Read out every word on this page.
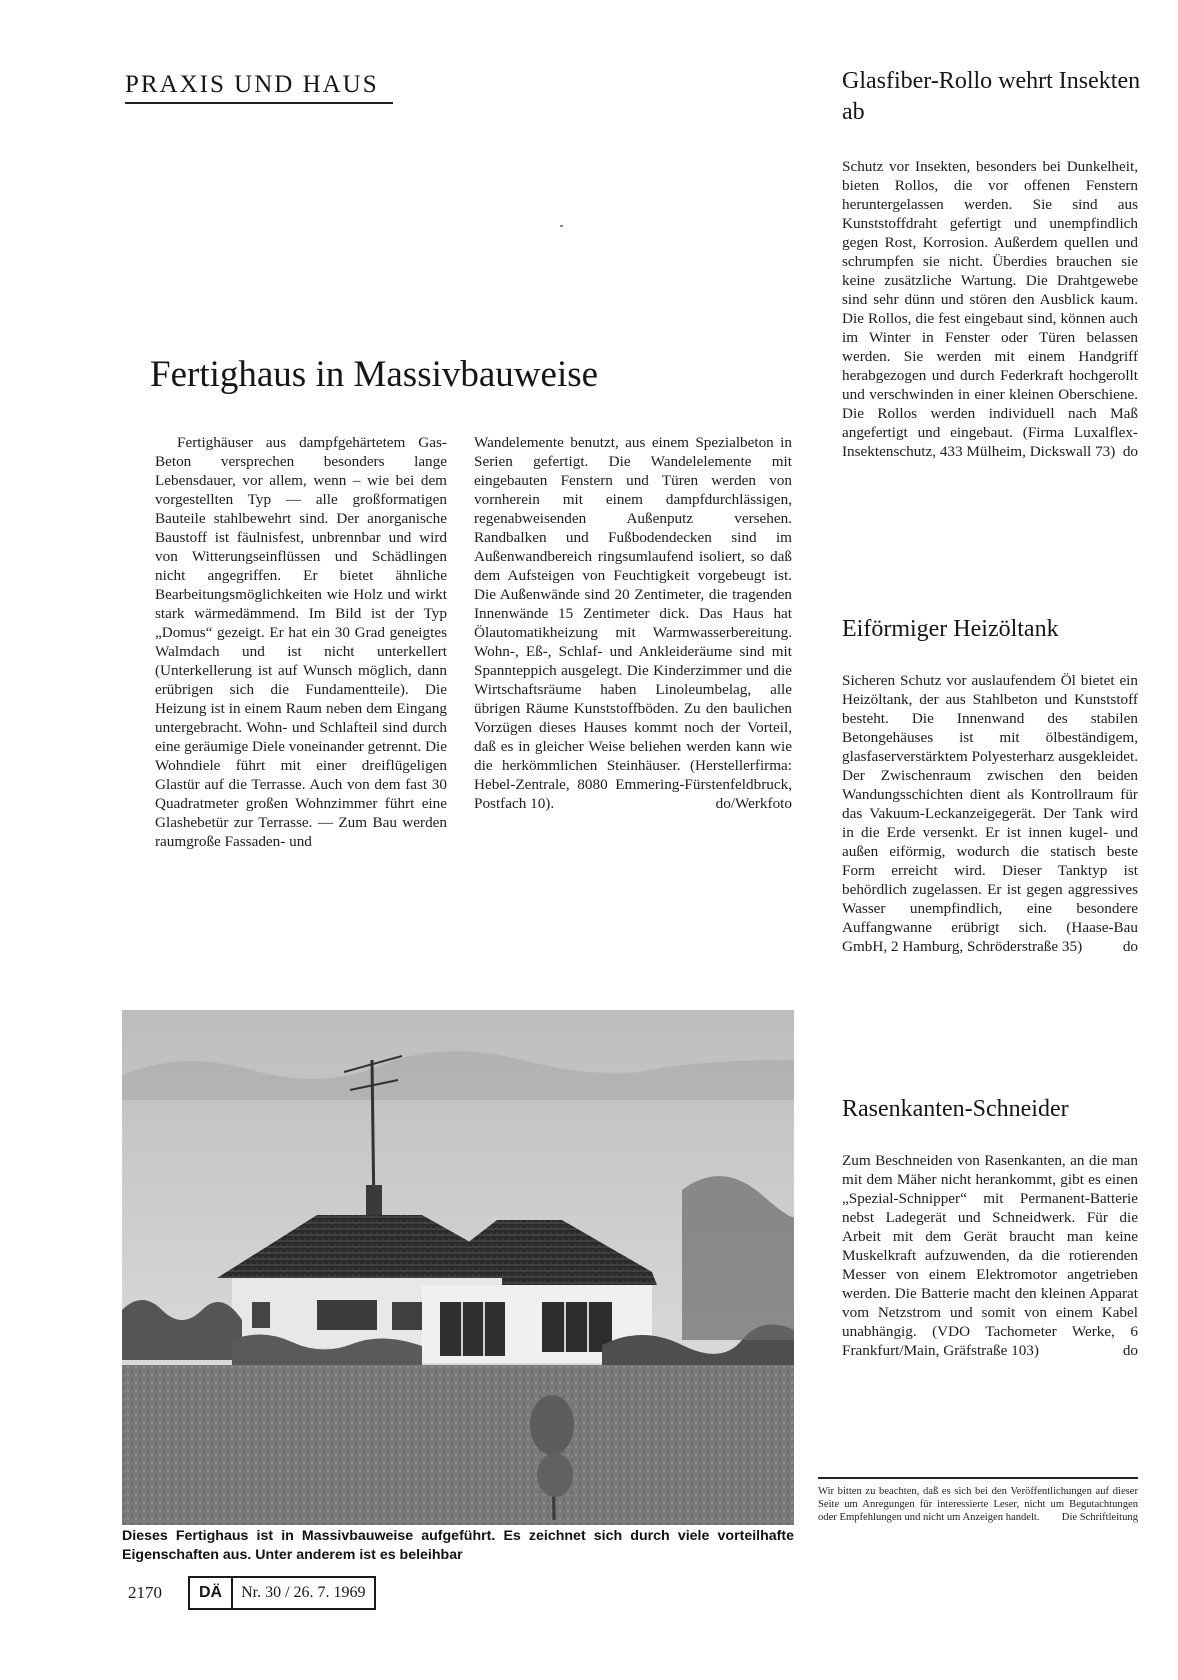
PRAXIS UND HAUS
Fertighaus in Massivbauweise
Fertighäuser aus dampfgehärtetem Gas-Beton versprechen besonders lange Lebensdauer, vor allem, wenn – wie bei dem vorgestellten Typ — alle großformatigen Bauteile stahlbewehrt sind. Der anorganische Baustoff ist fäulnisfest, unbrennbar und wird von Witterungseinflüssen und Schädlingen nicht angegriffen. Er bietet ähnliche Bearbeitungsmöglichkeiten wie Holz und wirkt stark wärmedämmend. Im Bild ist der Typ „Domus“ gezeigt. Er hat ein 30 Grad geneigtes Walmdach und ist nicht unterkellert (Unterkellerung ist auf Wunsch möglich, dann erübrigen sich die Fundamentteile). Die Heizung ist in einem Raum neben dem Eingang untergebracht. Wohn- und Schlafteil sind durch eine geräumige Diele voneinander getrennt. Die Wohndiele führt mit einer dreiflügeligen Glastür auf die Terrasse. Auch von dem fast 30 Quadratmeter großen Wohnzimmer führt eine Glashebetür zur Terrasse. — Zum Bau werden raumgroße Fassaden- und
Wandelemente benutzt, aus einem Spezialbeton in Serien gefertigt. Die Wandelelemente mit eingebauten Fenstern und Türen werden von vornherein mit einem dampfdurchlässigen, regenabweisenden Außenputz versehen. Randbalken und Fußbodendecken sind im Außenwandbereich ringsumlaufend isoliert, so daß dem Aufsteigen von Feuchtigkeit vorgebeugt ist. Die Außenwände sind 20 Zentimeter, die tragenden Innenwände 15 Zentimeter dick. Das Haus hat Ölautomatikheizung mit Warmwasserbereitung. Wohn-, Eß-, Schlaf- und Ankleideräume sind mit Spannteppich ausgelegt. Die Kinderzimmer und die Wirtschaftsräume haben Linoleumbelag, alle übrigen Räume Kunststoffböden. Zu den baulichen Vorzügen dieses Hauses kommt noch der Vorteil, daß es in gleicher Weise beliehen werden kann wie die herkömmlichen Steinhäuser. (Herstellerfirma: Hebel-Zentrale, 8080 Emmering-Fürstenfeldbruck, Postfach 10).	do/Werkfoto
Dieses Fertighaus ist in Massivbauweise aufgeführt. Es zeichnet sich durch viele vorteilhafte Eigenschaften aus. Unter anderem ist es beleihbar
Glasfiber-Rollo wehrt Insekten ab
Schutz vor Insekten, besonders bei Dunkelheit, bieten Rollos, die vor offenen Fenstern heruntergelassen werden. Sie sind aus Kunststoffdraht gefertigt und unempfindlich gegen Rost, Korrosion. Außerdem quellen und schrumpfen sie nicht. Überdies brauchen sie keine zusätzliche Wartung. Die Drahtgewebe sind sehr dünn und stören den Ausblick kaum. Die Rollos, die fest eingebaut sind, können auch im Winter in Fenster oder Türen belassen werden. Sie werden mit einem Handgriff herabgezogen und durch Federkraft hochgerollt und verschwinden in einer kleinen Oberschiene. Die Rollos werden individuell nach Maß angefertigt und eingebaut. (Firma Luxalflex-Insektenschutz, 433 Mülheim, Dickswall 73) do
Eiförmiger Heizöltank
Sicheren Schutz vor auslaufendem Öl bietet ein Heizöltank, der aus Stahlbeton und Kunststoff besteht. Die Innenwand des stabilen Betongehäuses ist mit ölbeständigem, glasfaserverstärktem Polyesterharz ausgekleidet. Der Zwischenraum zwischen den beiden Wandungsschichten dient als Kontrollraum für das Vakuum-Leckanzeigegerät. Der Tank wird in die Erde versenkt. Er ist innen kugel- und außen eiförmig, wodurch die statisch beste Form erreicht wird. Dieser Tanktyp ist behördlich zugelassen. Er ist gegen aggressives Wasser unempfindlich, eine besondere Auffangwanne erübrigt sich. (Haase-Bau GmbH, 2 Hamburg, Schröderstraße 35)	do
Rasenkanten-Schneider
Zum Beschneiden von Rasenkanten, an die man mit dem Mäher nicht herankommt, gibt es einen „Spezial-Schnipper“ mit Permanent-Batterie nebst Ladegerät und Schneidwerk. Für die Arbeit mit dem Gerät braucht man keine Muskelkraft aufzuwenden, da die rotierenden Messer von einem Elektromotor angetrieben werden. Die Batterie macht den kleinen Apparat vom Netzstrom und somit von einem Kabel unabhängig. (VDO Tachometer Werke, 6 Frankfurt/Main, Gräfstraße 103)	do
Wir bitten zu beachten, daß es sich bei den Veröffentlichungen auf dieser Seite um Anregungen für interessierte Leser, nicht um Begutachtungen oder Empfehlungen und nicht um Anzeigen handelt. Die Schriftleitung
2170	DÄ	Nr. 30 / 26. 7. 1969
